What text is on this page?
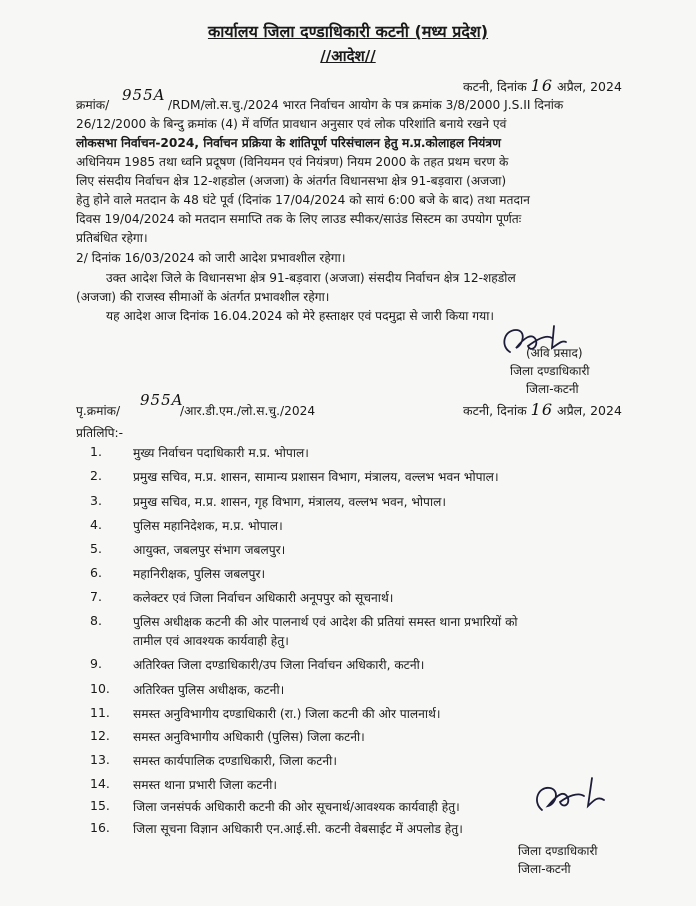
कार्यालय जिला दण्डाधिकारी कटनी (मध्य प्रदेश)
//आदेश//
कटनी, दिनांक 16 अप्रैल, 2024
क्रमांक/
955A
/RDM/लो.स.चु./2024 भारत निर्वाचन आयोग के पत्र क्रमांक 3/8/2000 J.S.II दिनांक
26/12/2000 के बिन्दु क्रमांक (4) में वर्णित प्रावधान अनुसार एवं लोक परिशांति बनाये रखने एवं
लोकसभा निर्वाचन-2024, निर्वाचन प्रक्रिया के शांतिपूर्ण परिसंचालन हेतु म.प्र.कोलाहल नियंत्रण
अधिनियम 1985 तथा ध्वनि प्रदूषण (विनियमन एवं नियंत्रण) नियम 2000 के तहत प्रथम चरण के
लिए संसदीय निर्वाचन क्षेत्र 12-शहडोल (अजजा) के अंतर्गत विधानसभा क्षेत्र 91-बड़वारा (अजजा)
हेतु होने वाले मतदान के 48 घंटे पूर्व (दिनांक 17/04/2024 को सायं 6:00 बजे के बाद) तथा मतदान
दिवस 19/04/2024 को मतदान समाप्ति तक के लिए लाउड स्पीकर/साउंड सिस्टम का उपयोग पूर्णतः
प्रतिबंधित रहेगा।
2/ दिनांक 16/03/2024 को जारी आदेश प्रभावशील रहेगा।
उक्त आदेश जिले के विधानसभा क्षेत्र 91-बड़वारा (अजजा) संसदीय निर्वाचन क्षेत्र 12-शहडोल
(अजजा) की राजस्व सीमाओं के अंतर्गत प्रभावशील रहेगा।
यह आदेश आज दिनांक 16.04.2024 को मेरे हस्ताक्षर एवं पदमुद्रा से जारी किया गया।
(अवि प्रसाद)
जिला दण्डाधिकारी
जिला-कटनी
पृ.क्रमांक/
955A
/आर.डी.एम./लो.स.चु./2024	कटनी, दिनांक 16 अप्रैल, 2024
प्रतिलिपि:-
1.	मुख्य निर्वाचन पदाधिकारी म.प्र. भोपाल।
2.	प्रमुख सचिव, म.प्र. शासन, सामान्य प्रशासन विभाग, मंत्रालय, वल्लभ भवन भोपाल।
3.	प्रमुख सचिव, म.प्र. शासन, गृह विभाग, मंत्रालय, वल्लभ भवन, भोपाल।
4.	पुलिस महानिदेशक, म.प्र. भोपाल।
5.	आयुक्त, जबलपुर संभाग जबलपुर।
6.	महानिरीक्षक, पुलिस जबलपुर।
7.	कलेक्टर एवं जिला निर्वाचन अधिकारी अनूपपुर को सूचनार्थ।
8.	पुलिस अधीक्षक कटनी की ओर पालनार्थ एवं आदेश की प्रतियां समस्त थाना प्रभारियों को
तामील एवं आवश्यक कार्यवाही हेतु।
9.	अतिरिक्त जिला दण्डाधिकारी/उप जिला निर्वाचन अधिकारी, कटनी।
10. अतिरिक्त पुलिस अधीक्षक, कटनी।
11. समस्त अनुविभागीय दण्डाधिकारी (रा.) जिला कटनी की ओर पालनार्थ।
12. समस्त अनुविभागीय अधिकारी (पुलिस) जिला कटनी।
13. समस्त कार्यपालिक दण्डाधिकारी, जिला कटनी।
14. समस्त थाना प्रभारी जिला कटनी।
15. जिला जनसंपर्क अधिकारी कटनी की ओर सूचनार्थ/आवश्यक कार्यवाही हेतु।
16. जिला सूचना विज्ञान अधिकारी एन.आई.सी. कटनी वेबसाईट में अपलोड हेतु।
जिला दण्डाधिकारी
जिला-कटनी
